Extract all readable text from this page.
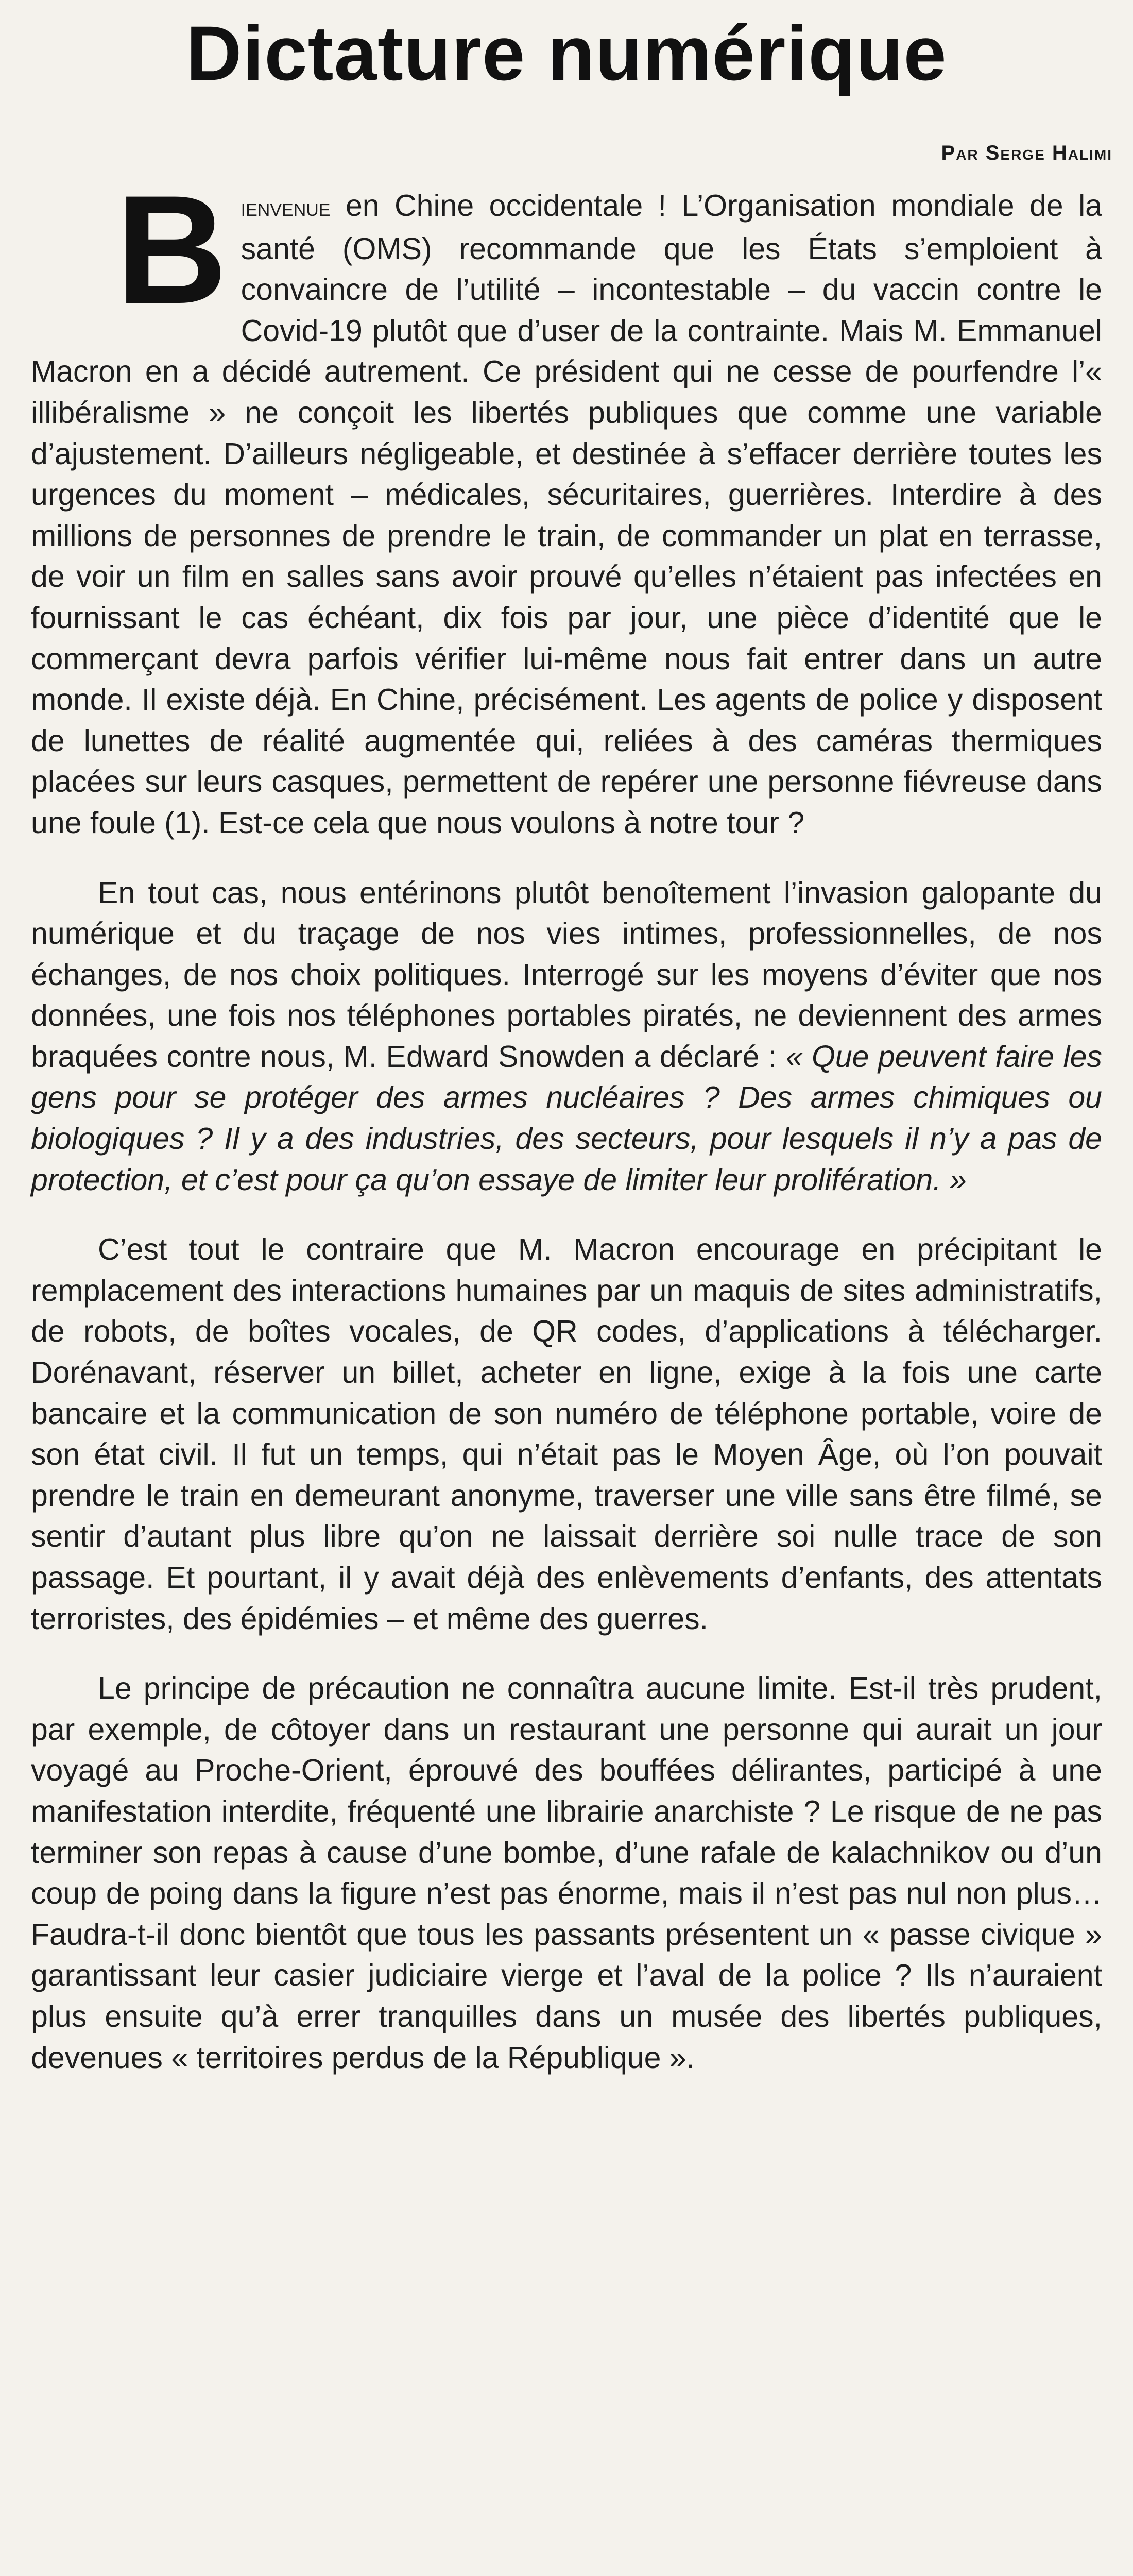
Dictature numérique
Par Serge Halimi

Bienvenue en Chine occidentale ! L’Organisation mondiale de la santé (OMS) recommande que les États s’emploient à convaincre de l’utilité – incontestable – du vaccin contre le Covid-19 plutôt que d’user de la contrainte. Mais M. Emmanuel Macron en a décidé autrement. Ce président qui ne cesse de pourfendre l’« illibéralisme » ne conçoit les libertés publiques que comme une variable d’ajustement. D’ailleurs négligeable, et destinée à s’effacer derrière toutes les urgences du moment – médicales, sécuritaires, guerrières. Interdire à des millions de personnes de prendre le train, de commander un plat en terrasse, de voir un film en salles sans avoir prouvé qu’elles n’étaient pas infectées en fournissant le cas échéant, dix fois par jour, une pièce d’identité que le commerçant devra parfois vérifier lui-même nous fait entrer dans un autre monde. Il existe déjà. En Chine, précisément. Les agents de police y disposent de lunettes de réalité augmentée qui, reliées à des caméras thermiques placées sur leurs casques, permettent de repérer une personne fiévreuse dans une foule (1). Est-ce cela que nous voulons à notre tour ?

En tout cas, nous entérinons plutôt benoîtement l’invasion galopante du numérique et du traçage de nos vies intimes, professionnelles, de nos échanges, de nos choix politiques. Interrogé sur les moyens d’éviter que nos données, une fois nos téléphones portables piratés, ne deviennent des armes braquées contre nous, M. Edward Snowden a déclaré : « Que peuvent faire les gens pour se protéger des armes nucléaires ? Des armes chimiques ou biologiques ? Il y a des industries, des secteurs, pour lesquels il n’y a pas de protection, et c’est pour ça qu’on essaye de limiter leur prolifération. »

C’est tout le contraire que M. Macron encourage en précipitant le remplacement des interactions humaines par un maquis de sites administratifs, de robots, de boîtes vocales, de QR codes, d’applications à télécharger. Dorénavant, réserver un billet, acheter en ligne, exige à la fois une carte bancaire et la communication de son numéro de téléphone portable, voire de son état civil. Il fut un temps, qui n’était pas le Moyen Âge, où l’on pouvait prendre le train en demeurant anonyme, traverser une ville sans être filmé, se sentir d’autant plus libre qu’on ne laissait derrière soi nulle trace de son passage. Et pourtant, il y avait déjà des enlèvements d’enfants, des attentats terroristes, des épidémies – et même des guerres.

Le principe de précaution ne connaîtra aucune limite. Est-il très prudent, par exemple, de côtoyer dans un restaurant une personne qui aurait un jour voyagé au Proche-Orient, éprouvé des bouffées délirantes, participé à une manifestation interdite, fréquenté une librairie anarchiste ? Le risque de ne pas terminer son repas à cause d’une bombe, d’une rafale de kalachnikov ou d’un coup de poing dans la figure n’est pas énorme, mais il n’est pas nul non plus… Faudra-t-il donc bientôt que tous les passants présentent un « passe civique » garantissant leur casier judiciaire vierge et l’aval de la police ? Ils n’auraient plus ensuite qu’à errer tranquilles dans un musée des libertés publiques, devenues « territoires perdus de la République ».
